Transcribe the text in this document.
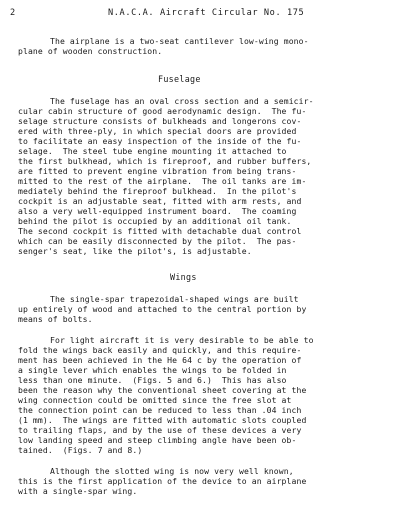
2	N.A.C.A. Aircraft Circular No. 175
The airplane is a two-seat cantilever low-wing mono-
plane of wooden construction.
Fuselage
The fuselage has an oval cross section and a semicir-
cular cabin structure of good aerodynamic design.  The fu-
selage structure consists of bulkheads and longerons cov-
ered with three-ply, in which special doors are provided
to facilitate an easy inspection of the inside of the fu-
selage.  The steel tube engine mounting it attached to
the first bulkhead, which is fireproof, and rubber buffers,
are fitted to prevent engine vibration from being trans-
mitted to the rest of the airplane.  The oil tanks are im-
mediately behind the fireproof bulkhead.  In the pilot's
cockpit is an adjustable seat, fitted with arm rests, and
also a very well-equipped instrument board.  The coaming
behind the pilot is occupied by an additional oil tank.
The second cockpit is fitted with detachable dual control
which can be easily disconnected by the pilot.  The pas-
senger's seat, like the pilot's, is adjustable.
Wings
The single-spar trapezoidal-shaped wings are built
up entirely of wood and attached to the central portion by
means of bolts.
For light aircraft it is very desirable to be able to
fold the wings back easily and quickly, and this require-
ment has been achieved in the He 64 c by the operation of
a single lever which enables the wings to be folded in
less than one minute.  (Figs. 5 and 6.)  This has also
been the reason why the conventional sheet covering at the
wing connection could be omitted since the free slot at
the connection point can be reduced to less than .04 inch
(1 mm).  The wings are fitted with automatic slots coupled
to trailing flaps, and by the use of these devices a very
low landing speed and steep climbing angle have been ob-
tained.  (Figs. 7 and 8.)
Although the slotted wing is now very well known,
this is the first application of the device to an airplane
with a single-spar wing.
